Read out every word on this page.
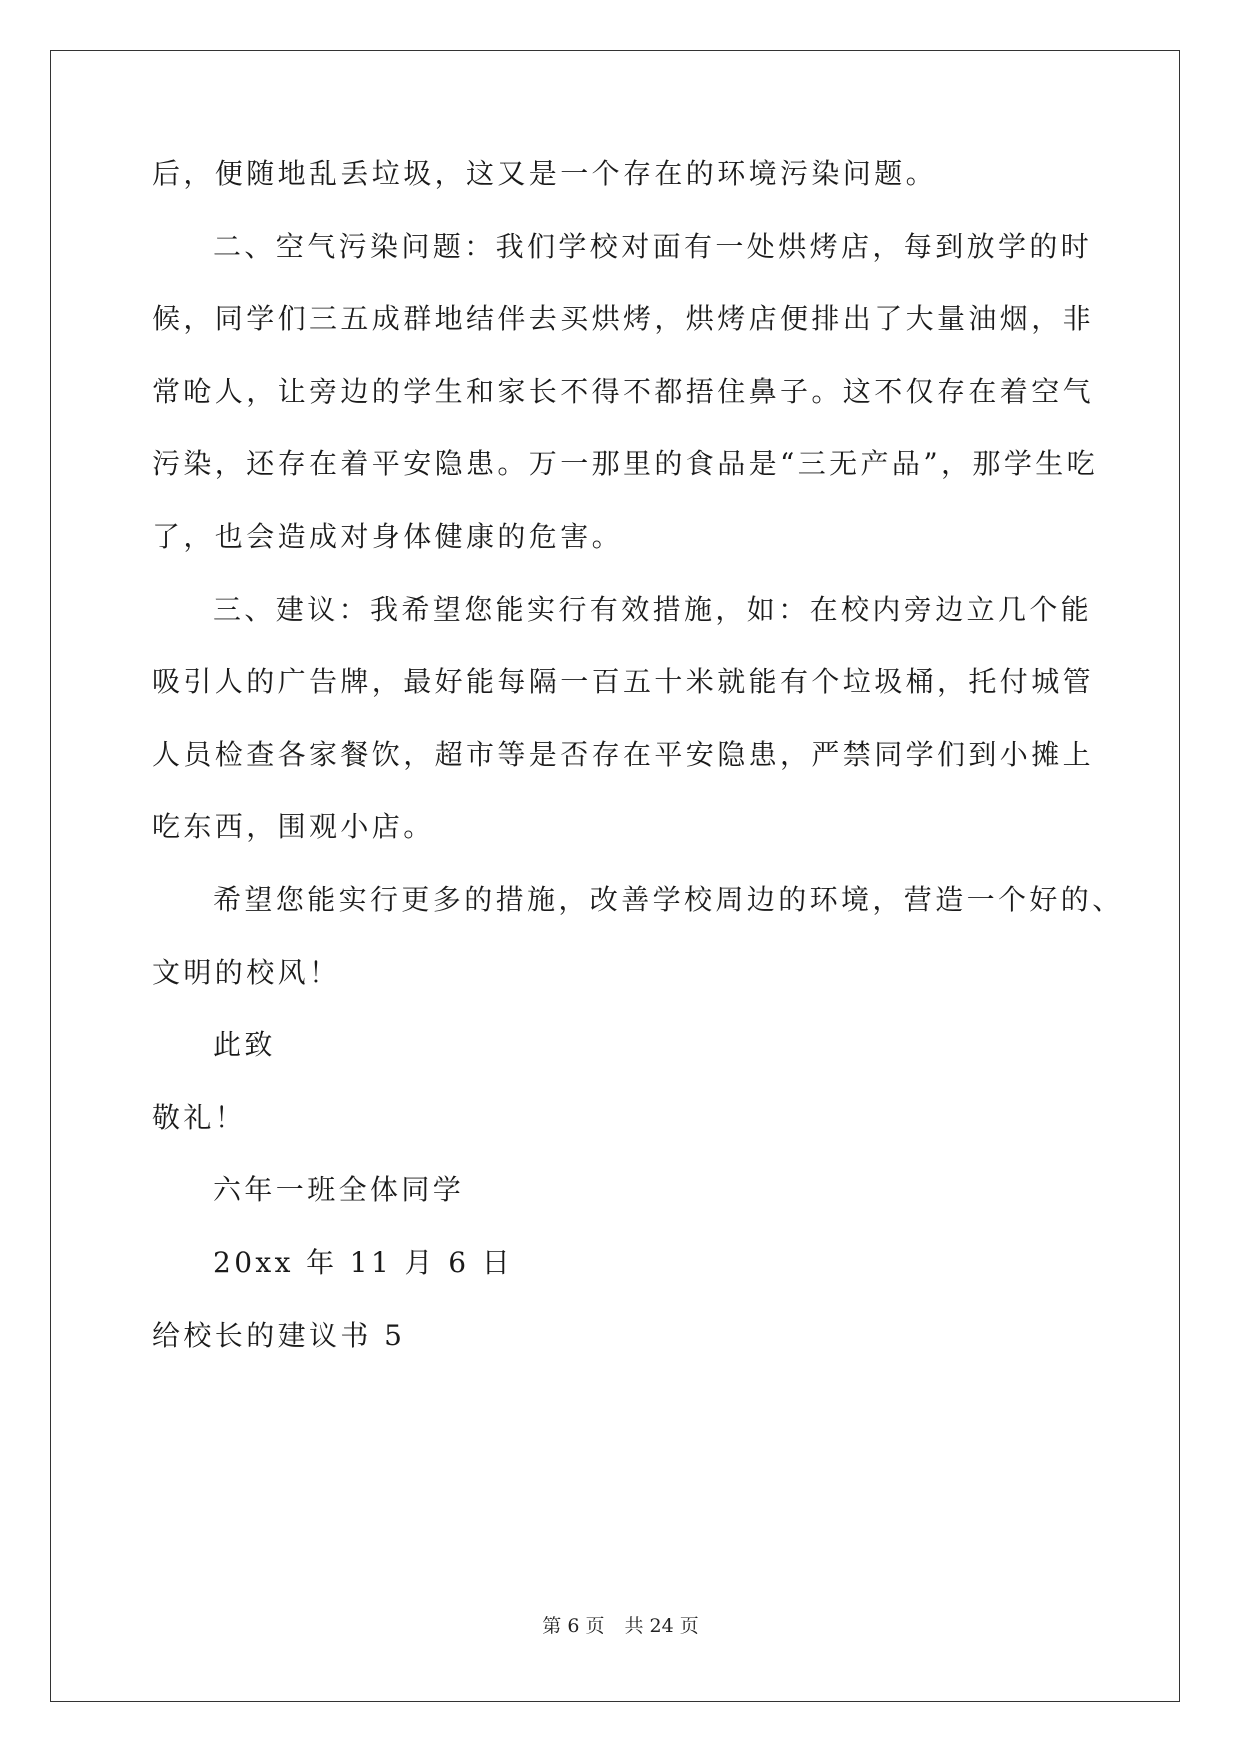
后，便随地乱丢垃圾，这又是一个存在的环境污染问题。
二、空气污染问题：我们学校对面有一处烘烤店，每到放学的时
候，同学们三五成群地结伴去买烘烤，烘烤店便排出了大量油烟，非
常呛人，让旁边的学生和家长不得不都捂住鼻子。这不仅存在着空气
污染，还存在着平安隐患。万一那里的食品是“三无产品”，那学生吃
了，也会造成对身体健康的危害。
三、建议：我希望您能实行有效措施，如：在校内旁边立几个能
吸引人的广告牌，最好能每隔一百五十米就能有个垃圾桶，托付城管
人员检查各家餐饮，超市等是否存在平安隐患，严禁同学们到小摊上
吃东西，围观小店。
希望您能实行更多的措施，改善学校周边的环境，营造一个好的、
文明的校风！
此致
敬礼！
六年一班全体同学
20xx 年 11 月 6 日
给校长的建议书 5
第 6 页 共 24 页
